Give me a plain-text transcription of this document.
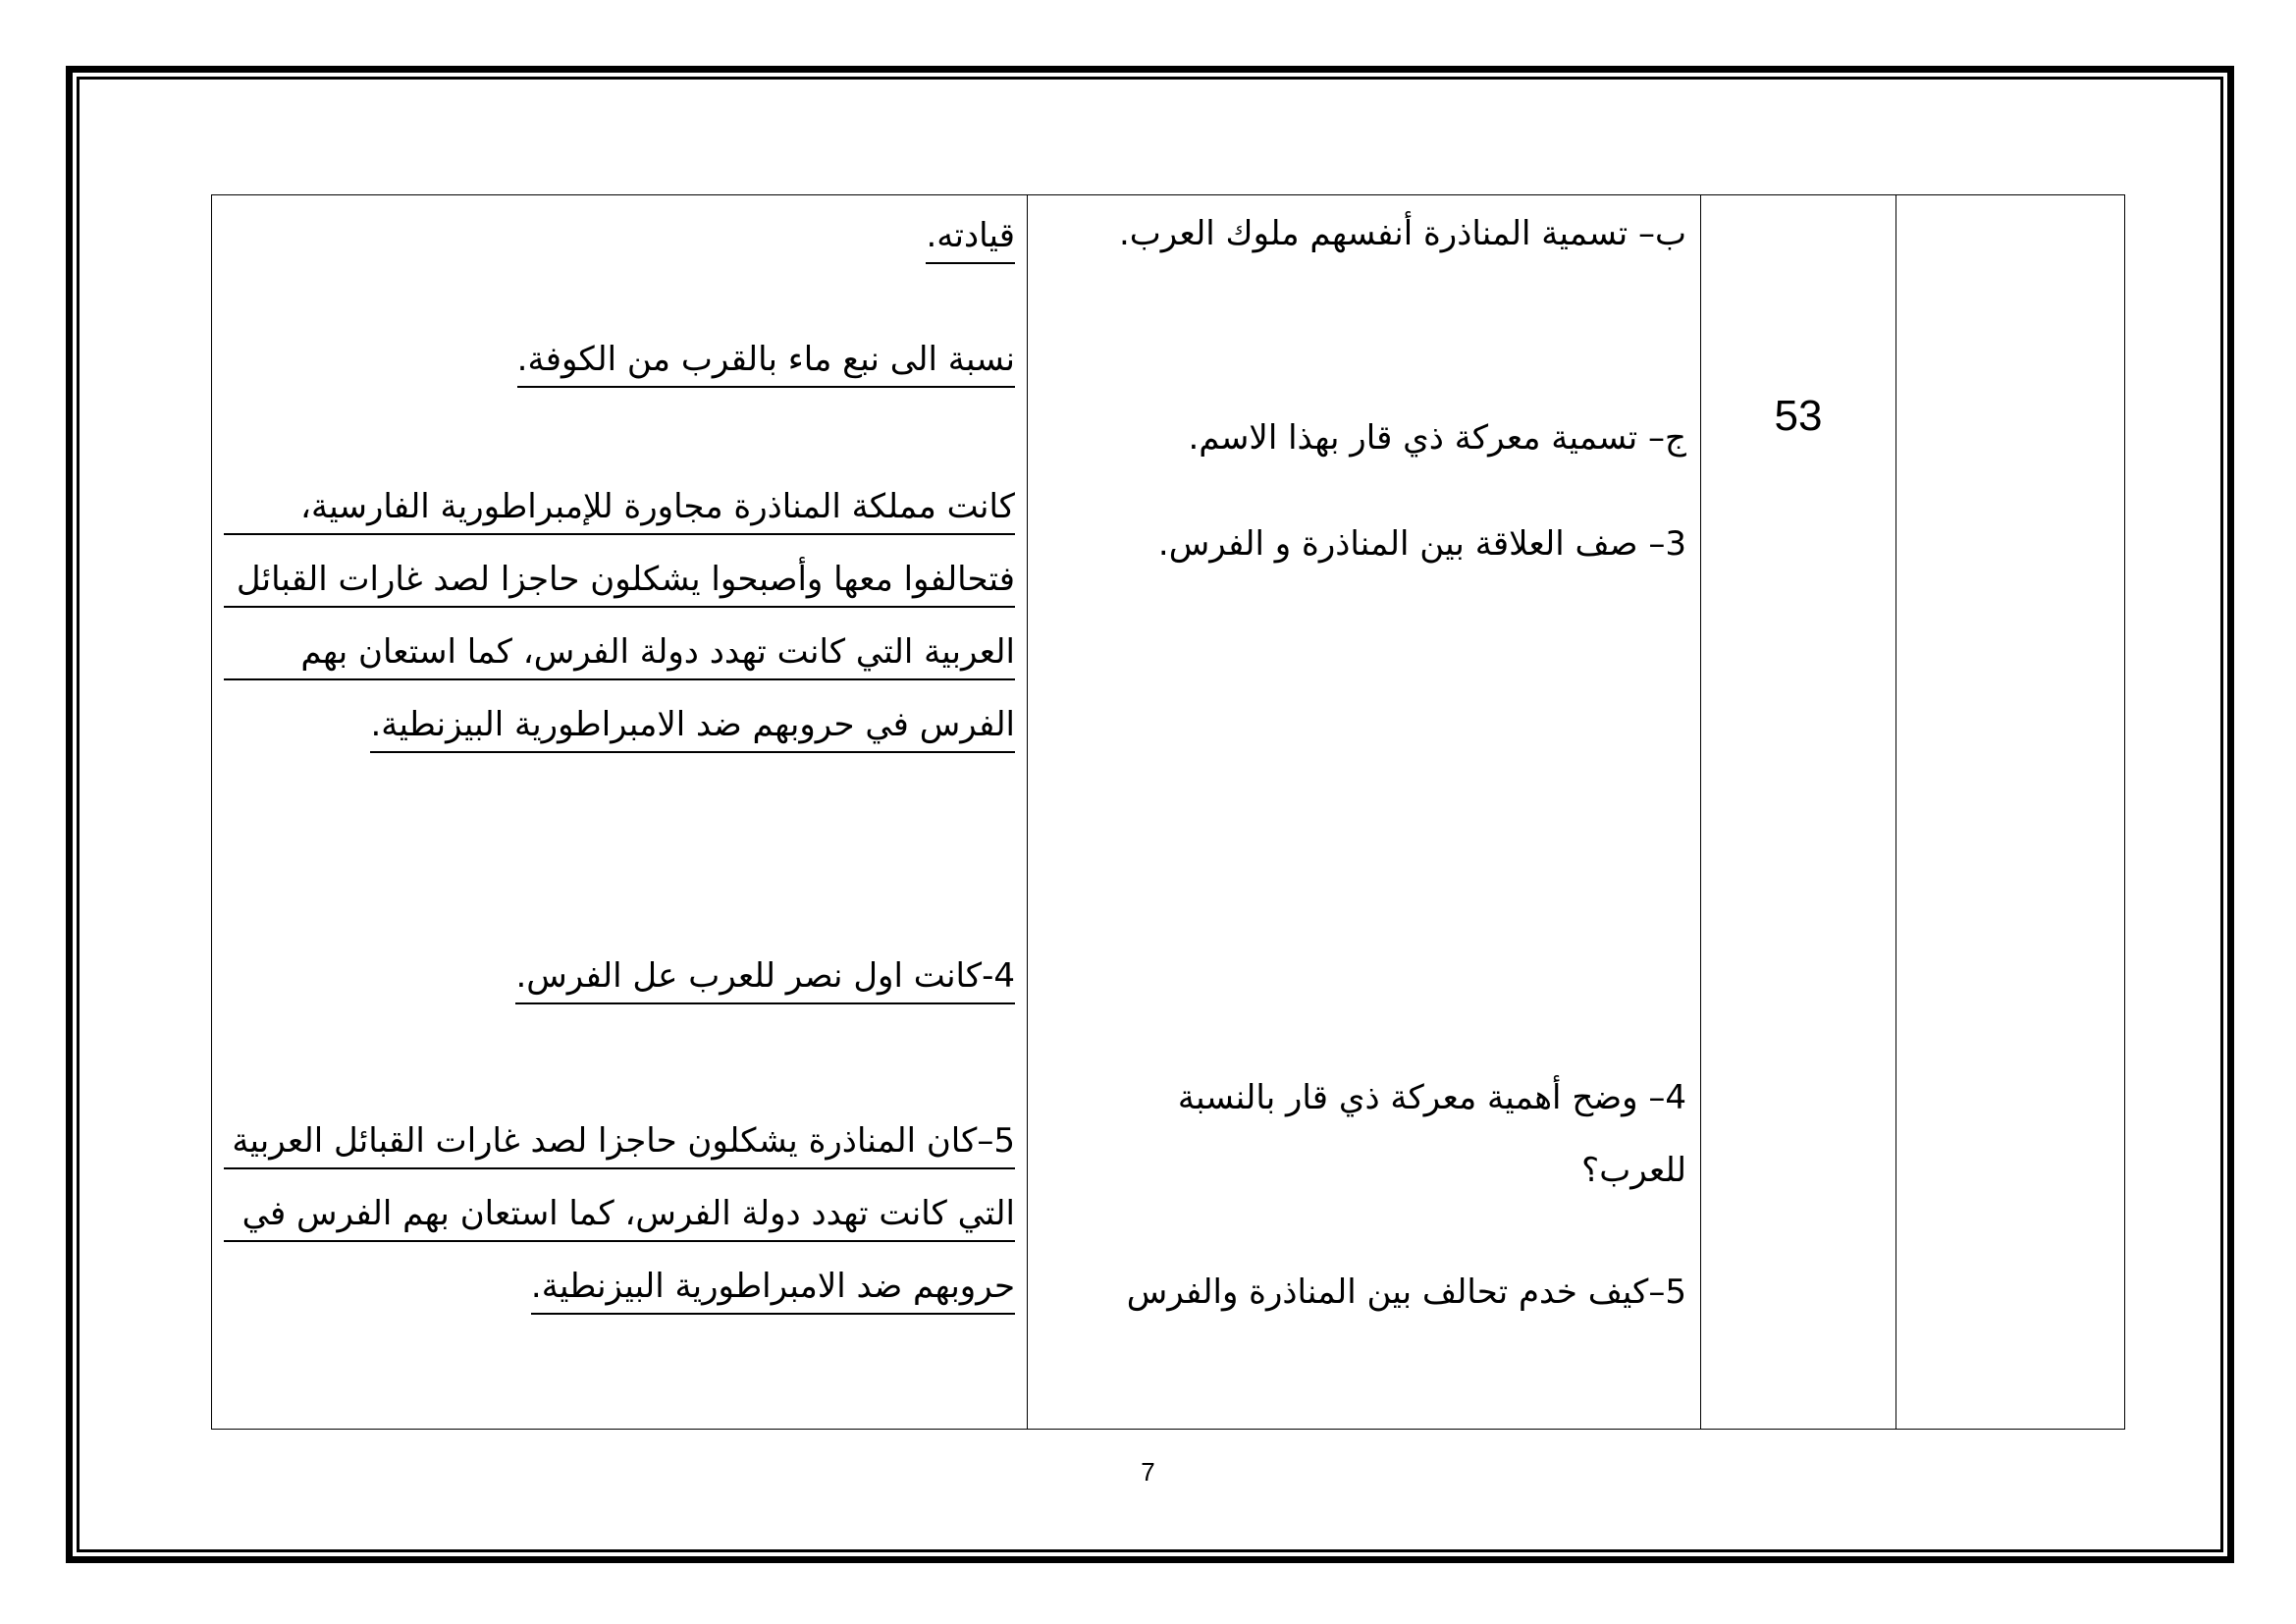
53
ب– تسمية المناذرة أنفسهم ملوك العرب.
ج– تسمية معركة ذي قار بهذا الاسم.
3– صف العلاقة بين المناذرة و الفرس.
4– وضح أهمية معركة ذي قار بالنسبة
للعرب؟
5–كيف خدم تحالف بين المناذرة والفرس
قيادته.
نسبة الى نبع ماء بالقرب من الكوفة.
كانت مملكة المناذرة مجاورة للإمبراطورية الفارسية،
فتحالفوا معها وأصبحوا يشكلون حاجزا لصد غارات القبائل
العربية التي كانت تهدد دولة الفرس، كما استعان بهم
الفرس في حروبهم ضد الامبراطورية البيزنطية.
4-كانت اول نصر للعرب عل الفرس.
5–كان المناذرة يشكلون حاجزا لصد غارات القبائل العربية
التي كانت تهدد دولة الفرس، كما استعان بهم الفرس في
حروبهم ضد الامبراطورية البيزنطية.
7
